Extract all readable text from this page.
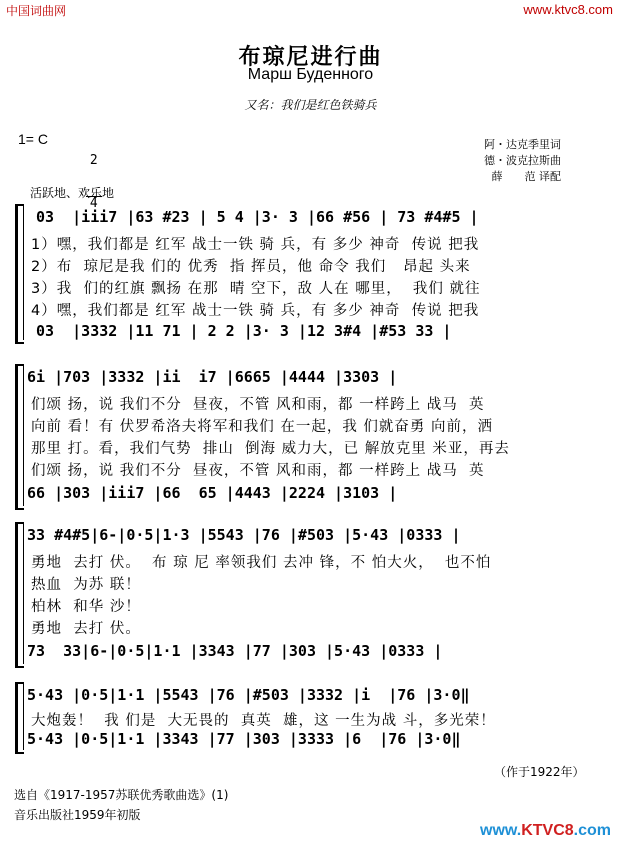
中国词曲网	www.ktvc8.com
布琼尼进行曲
Марш Буденного
又名：我们是红色铁骑兵
1= C

2

4

阿・达克季里词
德・波克拉斯曲
薛　　范 译配
活跃地、欢乐地

03  |iii7 |63 #23 | 5 4 |3· 3 |66 #56 | 73 #4#5 |

1）嘿，我们都是 红军 战士一铁 骑 兵，有 多少 神奇  传说 把我

2）布  琼尼是我 们的 优秀  指 挥员，他 命令 我们   昂起 头来

3）我  们的红旗 飘扬 在那  晴 空下，敌 人在 哪里，  我们 就往

4）嘿，我们都是 红军 战士一铁 骑 兵，有 多少 神奇  传说 把我

03  |3332 |11 71 | 2 2 |3· 3 |12 3#4 |#53 33 |

6i |703 |3332 |ii  i7 |6665 |4444 |3303 |

们颂 扬，说 我们不分  昼夜，不管 风和雨，都 一样跨上 战马  英

向前 看！有 伏罗希洛夫将军和我们 在一起，我 们就奋勇 向前，洒

那里 打。看，我们气势  排山  倒海 威力大，已 解放克里 米亚，再去

们颂 扬，说 我们不分  昼夜，不管 风和雨，都 一样跨上 战马  英

66 |303 |iii7 |66  65 |4443 |2224 |3103 |

33 #4#5|6-|0·5|1·3 |5543 |76 |#503 |5·43 |0333 |

勇地  去打 伏。  布 琼 尼 率领我们 去冲 锋，不 怕大火，  也不怕

热血  为苏 联！

柏林  和华 沙！

勇地  去打 伏。

73  33|6-|0·5|1·1 |3343 |77 |303 |5·43 |0333 |

5·43 |0·5|1·1 |5543 |76 |#503 |3332 |i  |76 |3·0‖

大炮轰！  我 们是  大无畏的  真英  雄，这 一生为战 斗，多光荣！

5·43 |0·5|1·1 |3343 |77 |303 |3333 |6  |76 |3·0‖

（作于1922年）
选自《1917-1957苏联优秀歌曲选》(1)
音乐出版社1959年初版
www.KTVC8.com
